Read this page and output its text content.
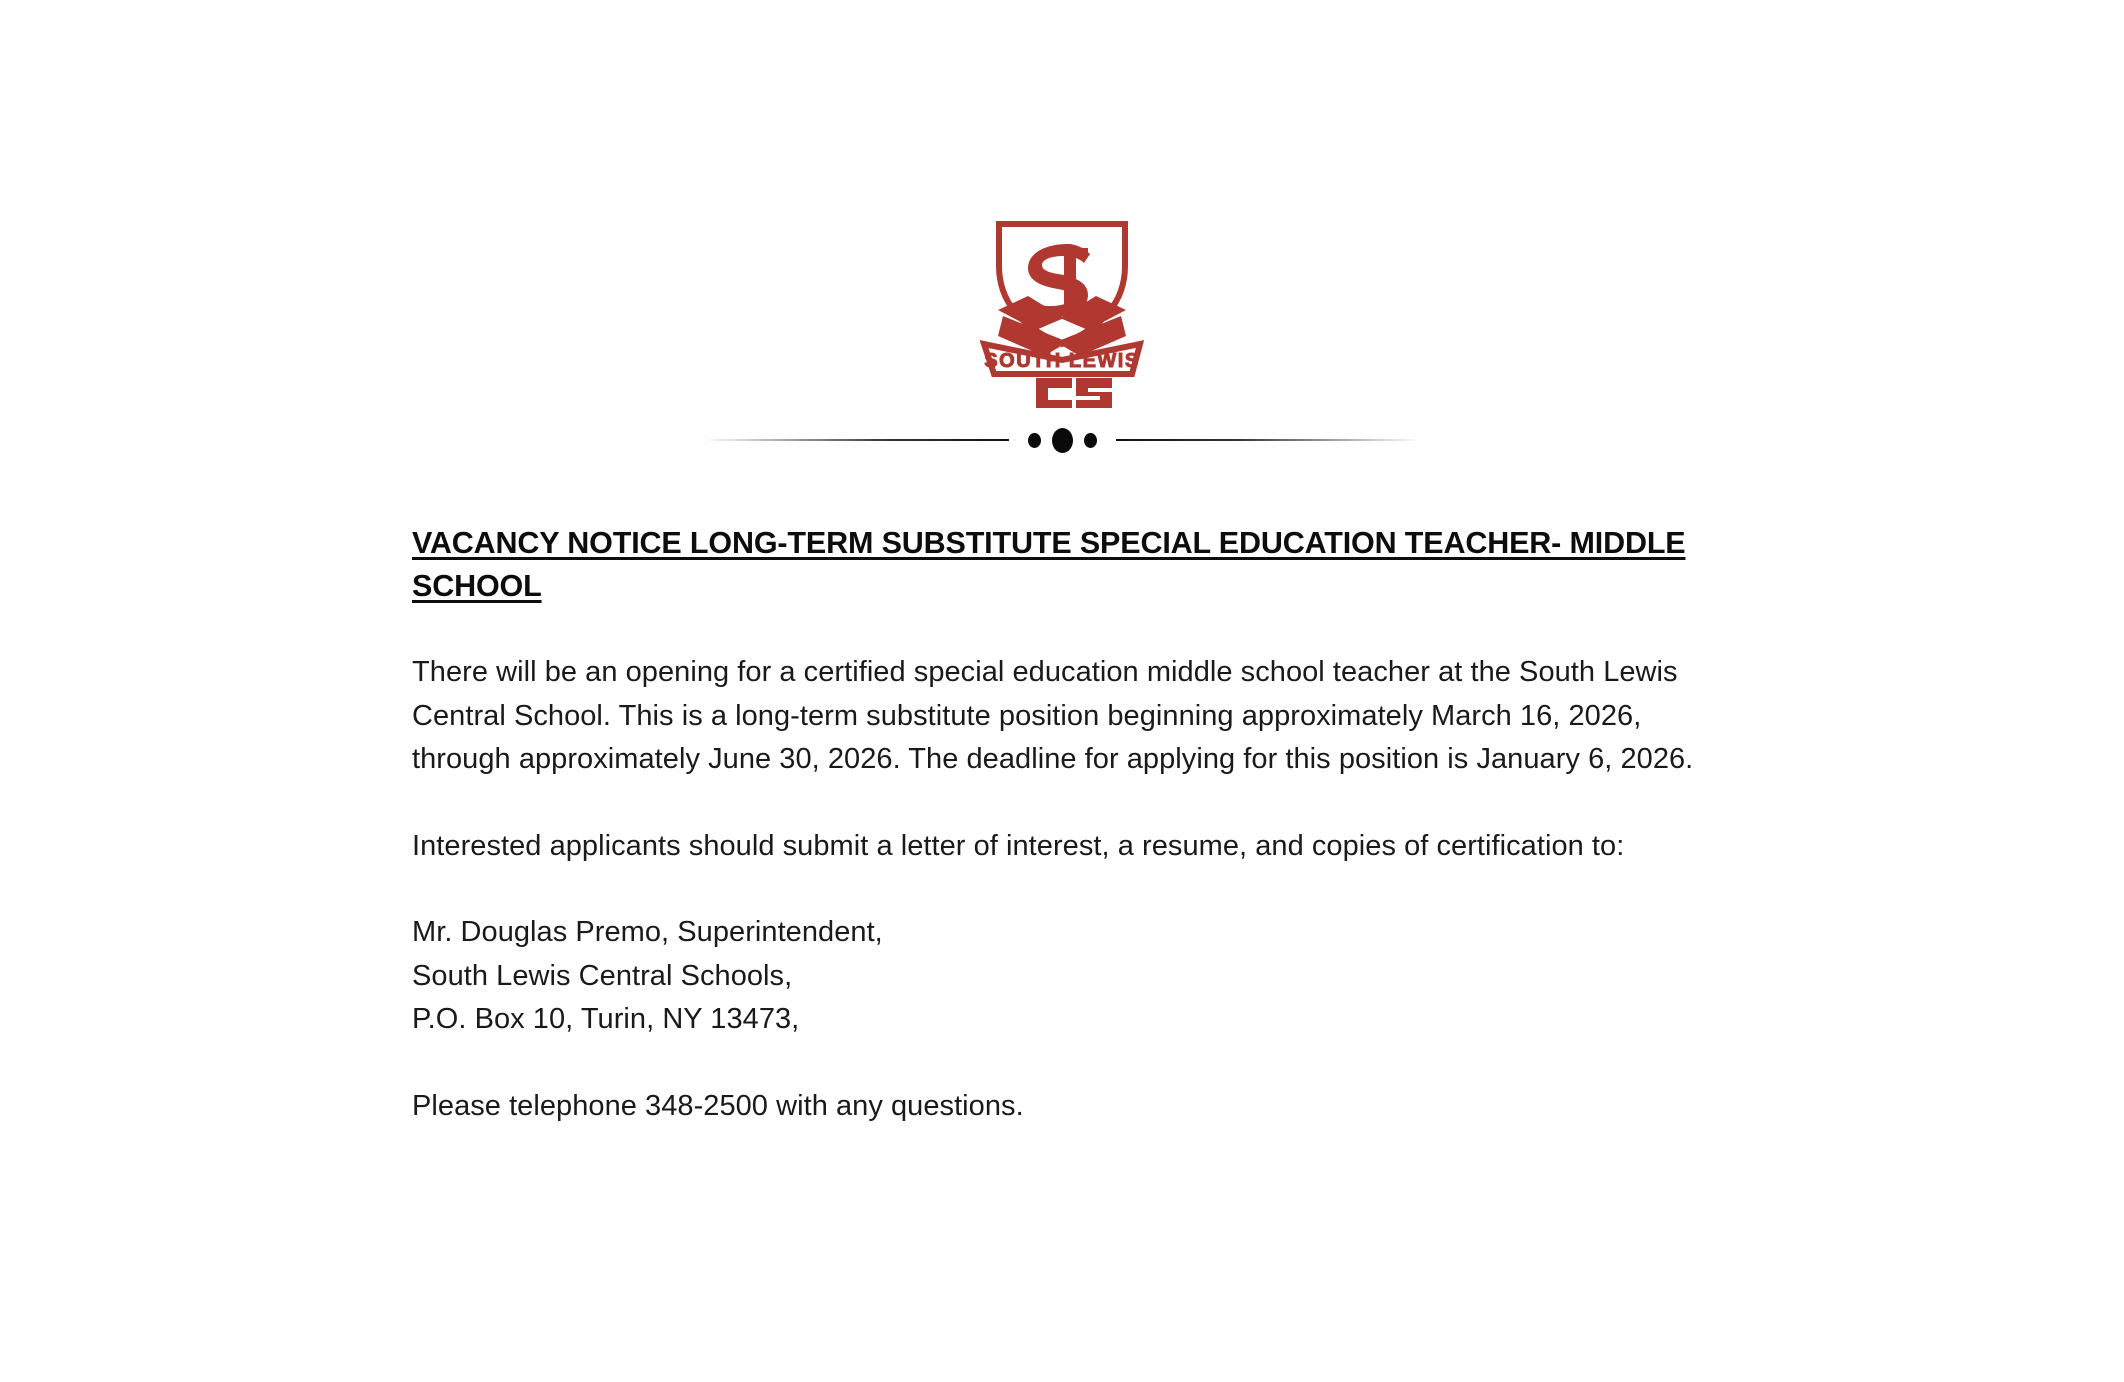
SOUTH LEWIS
VACANCY NOTICE LONG-TERM SUBSTITUTE SPECIAL EDUCATION TEACHER- MIDDLE SCHOOL

There will be an opening for a certified special education middle school teacher at the South Lewis Central School. This is a long-term substitute position beginning approximately March 16, 2026, through approximately June 30, 2026. The deadline for applying for this position is January 6, 2026.

Interested applicants should submit a letter of interest, a resume, and copies of certification to:

Mr. Douglas Premo, Superintendent,

South Lewis Central Schools,

P.O. Box 10, Turin, NY 13473,

Please telephone 348-2500 with any questions.
